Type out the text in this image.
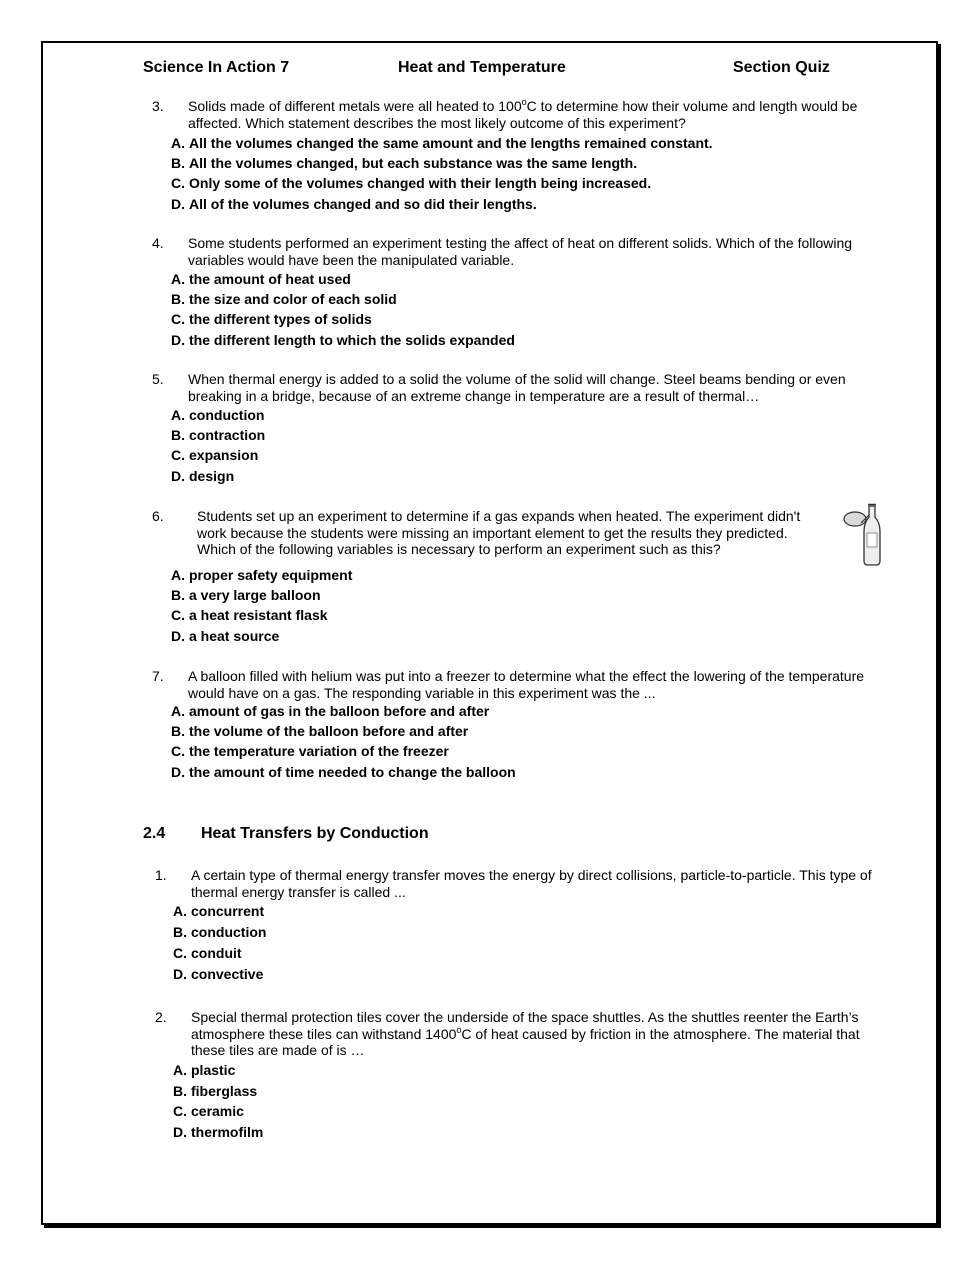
Science In Action 7	Heat and Temperature	Section Quiz
3. Solids made of different metals were all heated to 100$^o$C to determine how their volume and length would be affected. Which statement describes the most likely outcome of this experiment?
A. All the volumes changed the same amount and the lengths remained constant.
B. All the volumes changed, but each substance was the same length.
C. Only some of the volumes changed with their length being increased.
D. All of the volumes changed and so did their lengths.
4. Some students performed an experiment testing the affect of heat on different solids. Which of the following variables would have been the manipulated variable.
A. the amount of heat used
B. the size and color of each solid
C. the different types of solids
D. the different length to which the solids expanded
5. When thermal energy is added to a solid the volume of the solid will change. Steel beams bending or even breaking in a bridge, because of an extreme change in temperature are a result of thermal…
A. conduction
B. contraction
C. expansion
D. design
6. Students set up an experiment to determine if a gas expands when heated. The experiment didn't work because the students were missing an important element to get the results they predicted. Which of the following variables is necessary to perform an experiment such as this?
A. proper safety equipment
B. a very large balloon
C. a heat resistant flask
D. a heat source
7. A balloon filled with helium was put into a freezer to determine what the effect the lowering of the temperature would have on a gas. The responding variable in this experiment was the ...
A. amount of gas in the balloon before and after
B. the volume of the balloon before and after
C. the temperature variation of the freezer
D. the amount of time needed to change the balloon
2.4 Heat Transfers by Conduction
1. A certain type of thermal energy transfer moves the energy by direct collisions, particle-to-particle. This type of thermal energy transfer is called ...
A. concurrent
B. conduction
C. conduit
D. convective
2. Special thermal protection tiles cover the underside of the space shuttles. As the shuttles reenter the Earth’s atmosphere these tiles can withstand 1400$^o$C of heat caused by friction in the atmosphere. The material that these tiles are made of is …
A. plastic
B. fiberglass
C. ceramic
D. thermofilm
